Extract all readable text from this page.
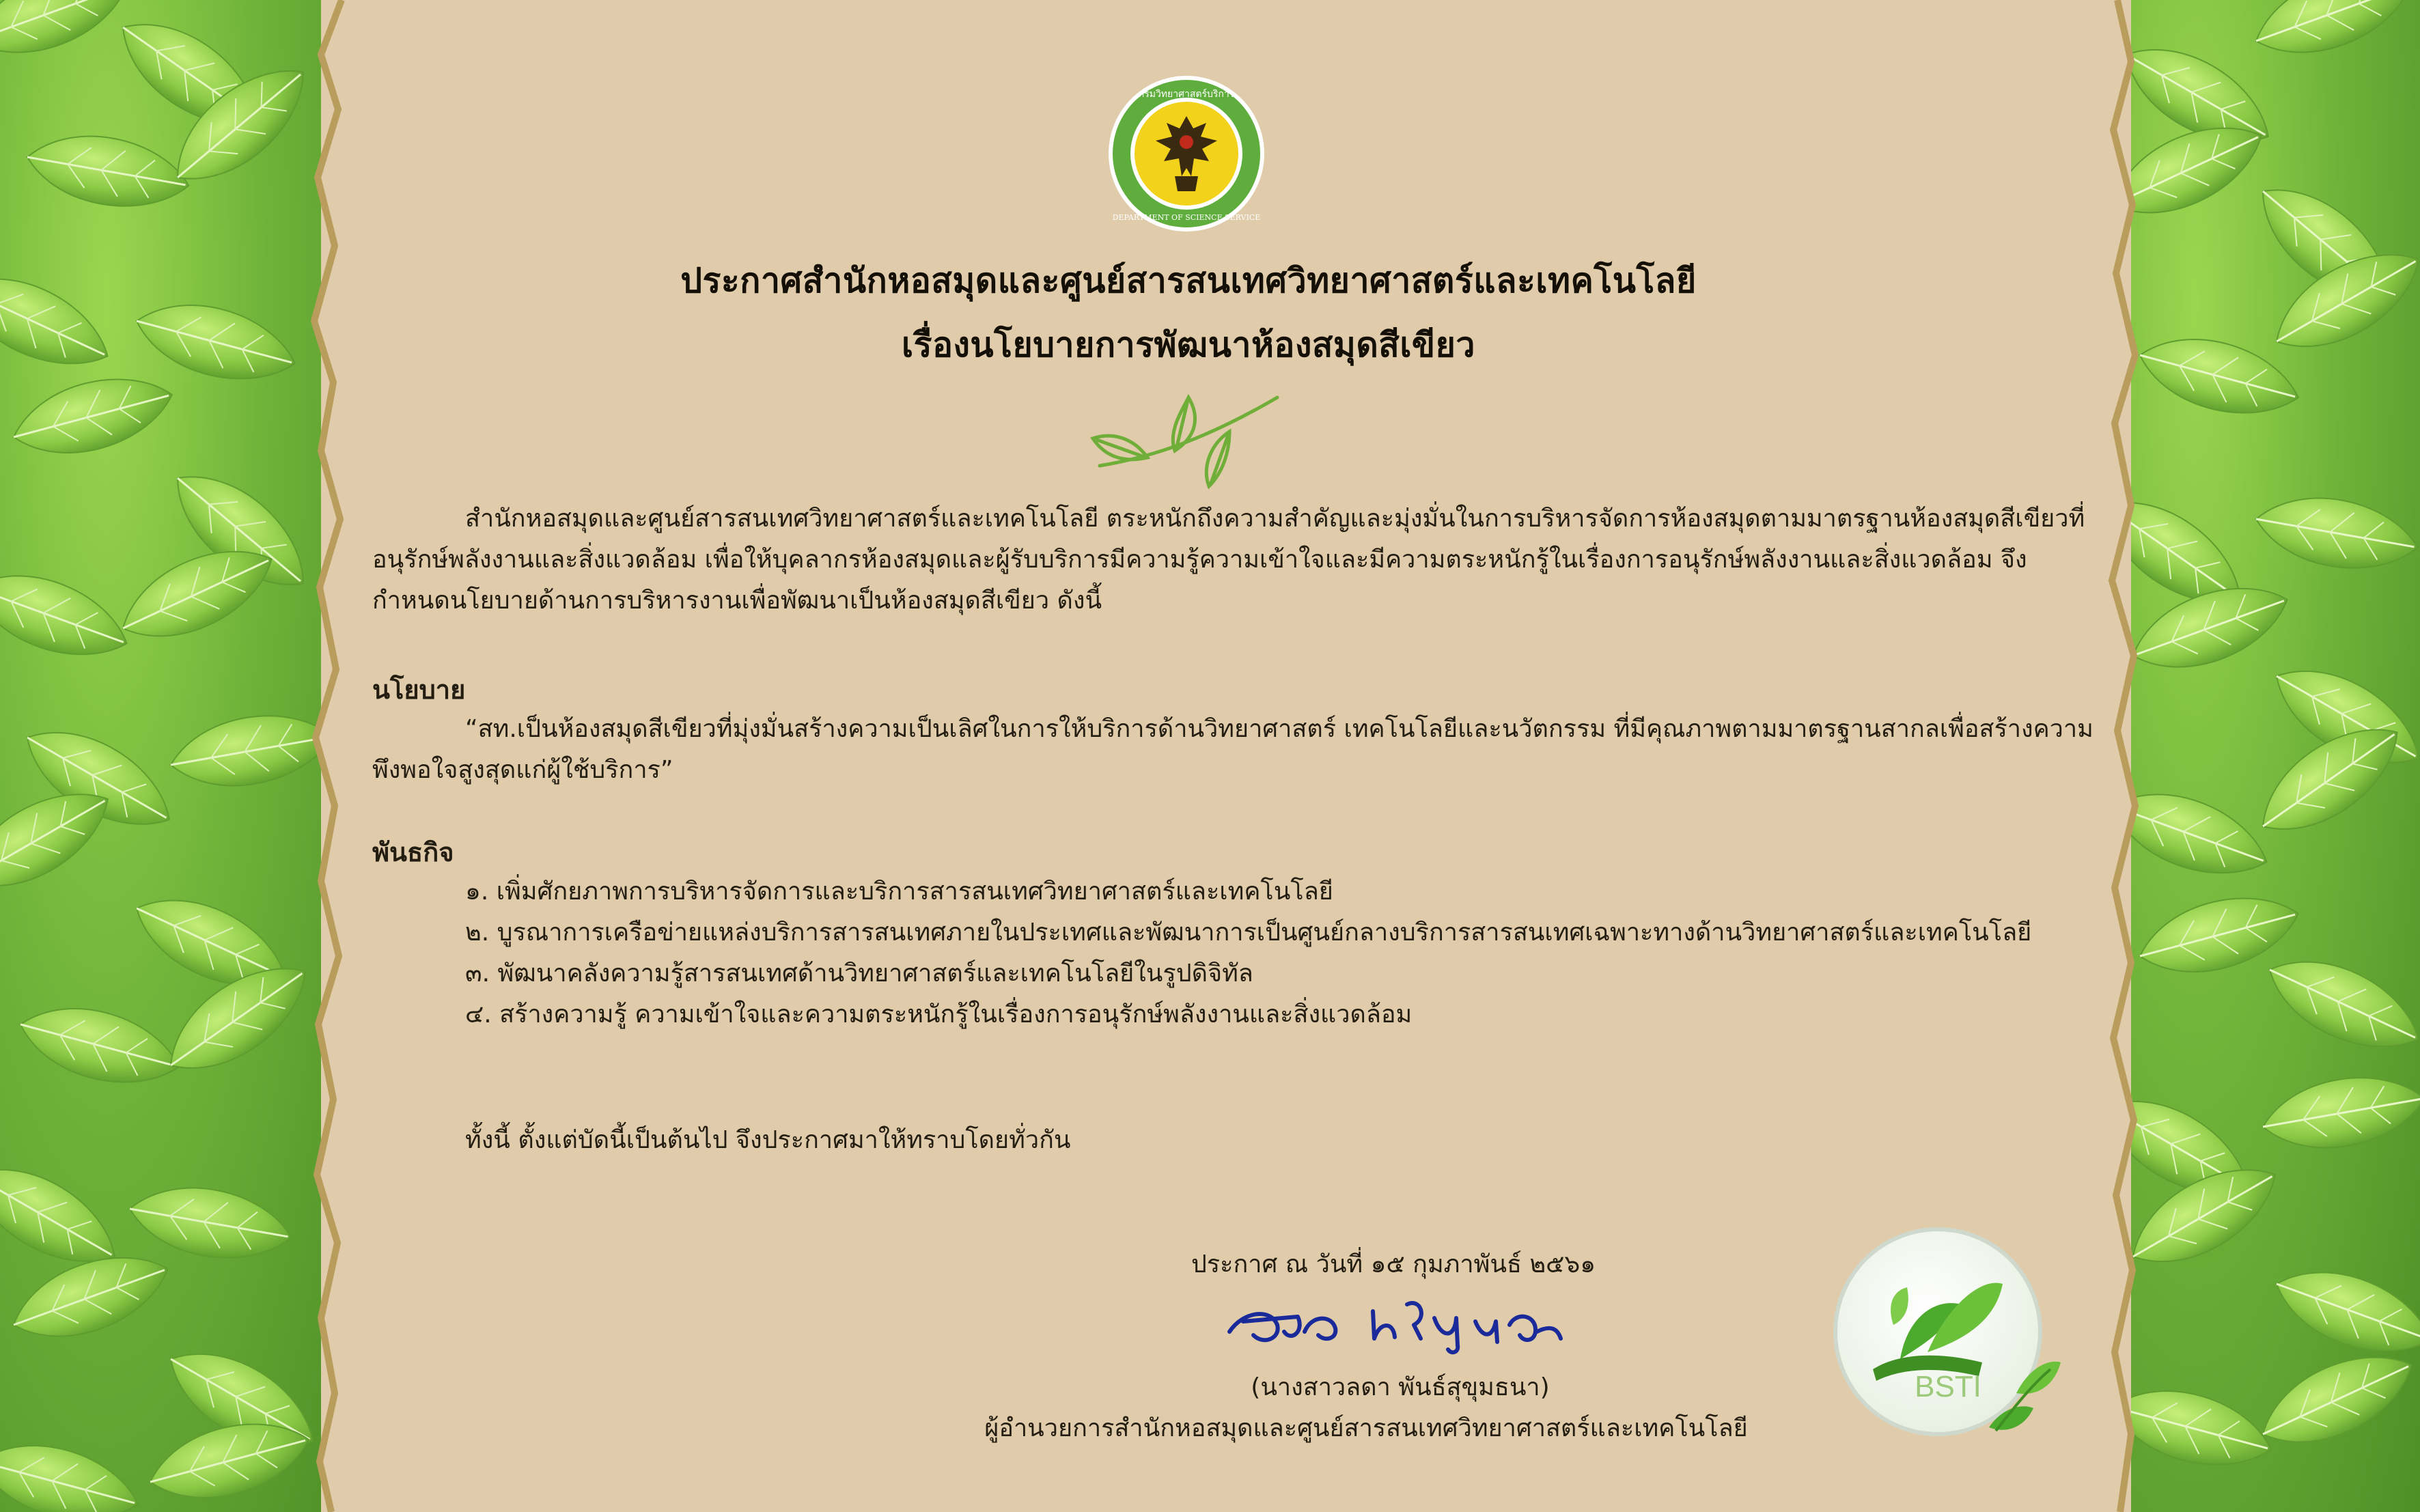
กรมวิทยาศาสตร์บริการ
DEPARTMENT OF SCIENCE SERVICE
ประกาศสำนักหอสมุดและศูนย์สารสนเทศวิทยาศาสตร์และเทคโนโลยี
เรื่องนโยบายการพัฒนาห้องสมุดสีเขียว

สำนักหอสมุดและศูนย์สารสนเทศวิทยาศาสตร์และเทคโนโลยี ตระหนักถึงความสำคัญและมุ่งมั่นในการบริหารจัดการห้องสมุดตามมาตรฐานห้องสมุดสีเขียวที่อนุรักษ์พลังงานและสิ่งแวดล้อม เพื่อให้บุคลากรห้องสมุดและผู้รับบริการมีความรู้ความเข้าใจและมีความตระหนักรู้ในเรื่องการอนุรักษ์พลังงานและสิ่งแวดล้อม จึงกำหนดนโยบายด้านการบริหารงานเพื่อพัฒนาเป็นห้องสมุดสีเขียว ดังนี้

นโยบาย

“สท.เป็นห้องสมุดสีเขียวที่มุ่งมั่นสร้างความเป็นเลิศในการให้บริการด้านวิทยาศาสตร์ เทคโนโลยีและนวัตกรรม ที่มีคุณภาพตามมาตรฐานสากลเพื่อสร้างความพึงพอใจสูงสุดแก่ผู้ใช้บริการ”

พันธกิจ
๑. เพิ่มศักยภาพการบริหารจัดการและบริการสารสนเทศวิทยาศาสตร์และเทคโนโลยี
๒. บูรณาการเครือข่ายแหล่งบริการสารสนเทศภายในประเทศและพัฒนาการเป็นศูนย์กลางบริการสารสนเทศเฉพาะทางด้านวิทยาศาสตร์และเทคโนโลยี
๓. พัฒนาคลังความรู้สารสนเทศด้านวิทยาศาสตร์และเทคโนโลยีในรูปดิจิทัล
๔. สร้างความรู้ ความเข้าใจและความตระหนักรู้ในเรื่องการอนุรักษ์พลังงานและสิ่งแวดล้อม

ทั้งนี้ ตั้งแต่บัดนี้เป็นต้นไป จึงประกาศมาให้ทราบโดยทั่วกัน

ประกาศ ณ วันที่ ๑๕ กุมภาพันธ์ ๒๕๖๑
(นางสาวลดา พันธ์สุขุมธนา)
ผู้อำนวยการสำนักหอสมุดและศูนย์สารสนเทศวิทยาศาสตร์และเทคโนโลยี
BSTI
